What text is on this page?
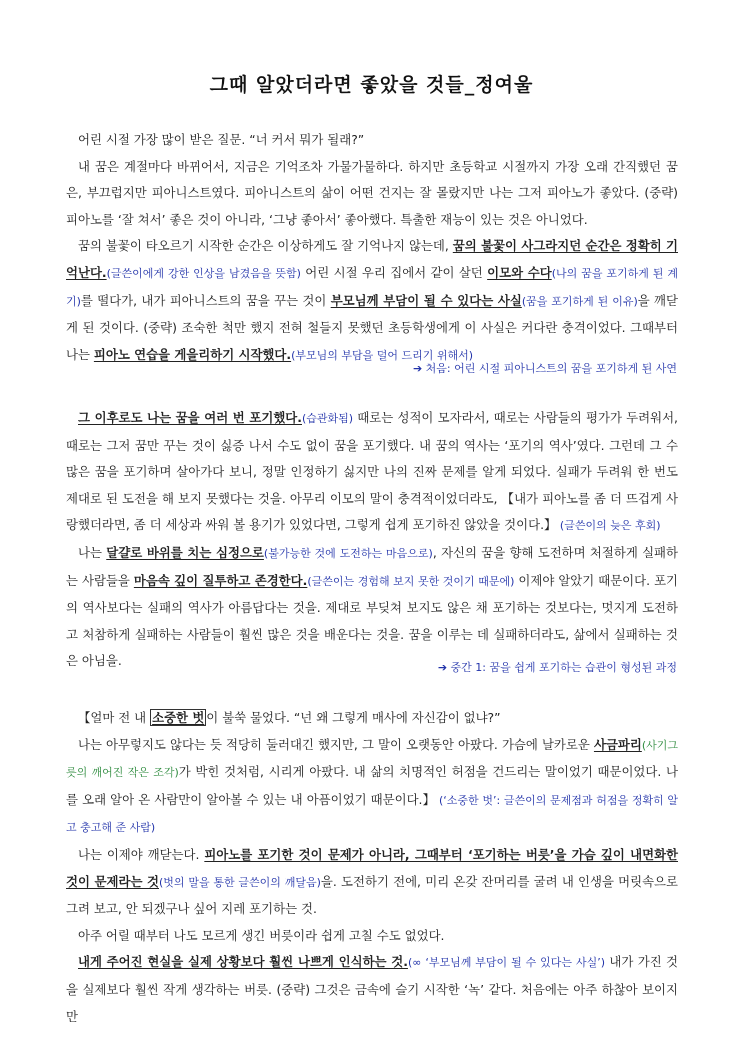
그때 알았더라면 좋았을 것들_정여울

어린 시절 가장 많이 받은 질문. “너 커서 뭐가 될래?”

내 꿈은 계절마다 바뀌어서, 지금은 기억조차 가물가물하다. 하지만 초등학교 시절까지 가장 오래 간직했던 꿈은, 부끄럽지만 피아니스트였다. 피아니스트의 삶이 어떤 건지는 잘 몰랐지만 나는 그저 피아노가 좋았다. (중략) 피아노를 ‘잘 쳐서’ 좋은 것이 아니라, ‘그냥 좋아서’ 좋아했다. 특출한 재능이 있는 것은 아니었다.

꿈의 불꽃이 타오르기 시작한 순간은 이상하게도 잘 기억나지 않는데, 꿈의 불꽃이 사그라지던 순간은 정확히 기억난다.(글쓴이에게 강한 인상을 남겼음을 뜻함) 어린 시절 우리 집에서 같이 살던 이모와 수다(나의 꿈을 포기하게 된 계기)를 떨다가, 내가 피아니스트의 꿈을 꾸는 것이 부모님께 부담이 될 수 있다는 사실(꿈을 포기하게 된 이유)을 깨닫게 된 것이다. (중략) 조숙한 척만 했지 전혀 철들지 못했던 초등학생에게 이 사실은 커다란 충격이었다. 그때부터 나는 피아노 연습을 게을리하기 시작했다.(부모님의 부담을 덜어 드리기 위해서)

➔ 처음: 어린 시절 피아니스트의 꿈을 포기하게 된 사연

그 이후로도 나는 꿈을 여러 번 포기했다.(습관화됨) 때로는 성적이 모자라서, 때로는 사람들의 평가가 두려워서, 때로는 그저 꿈만 꾸는 것이 싫증 나서 수도 없이 꿈을 포기했다. 내 꿈의 역사는 ‘포기의 역사’였다. 그런데 그 수많은 꿈을 포기하며 살아가다 보니, 정말 인정하기 싫지만 나의 진짜 문제를 알게 되었다. 실패가 두려워 한 번도 제대로 된 도전을 해 보지 못했다는 것을. 아무리 이모의 말이 충격적이었더라도, 【내가 피아노를 좀 더 뜨겁게 사랑했더라면, 좀 더 세상과 싸워 볼 용기가 있었다면, 그렇게 쉽게 포기하진 않았을 것이다.】 (글쓴이의 늦은 후회)

나는 달걀로 바위를 치는 심정으로(불가능한 것에 도전하는 마음으로), 자신의 꿈을 향해 도전하며 처절하게 실패하는 사람들을 마음속 깊이 질투하고 존경한다.(글쓴이는 경험해 보지 못한 것이기 때문에) 이제야 알았기 때문이다. 포기의 역사보다는 실패의 역사가 아름답다는 것을. 제대로 부딪쳐 보지도 않은 채 포기하는 것보다는, 멋지게 도전하고 처참하게 실패하는 사람들이 훨씬 많은 것을 배운다는 것을. 꿈을 이루는 데 실패하더라도, 삶에서 실패하는 것은 아님을.	➔ 중간 1: 꿈을 쉽게 포기하는 습관이 형성된 과정

【얼마 전 내 소중한 벗 이 불쑥 물었다. “넌 왜 그렇게 매사에 자신감이 없냐?”

나는 아무렇지도 않다는 듯 적당히 둘러대긴 했지만, 그 말이 오랫동안 아팠다. 가슴에 날카로운 사금파리(사기그릇의 깨어진 작은 조각)가 박힌 것처럼, 시리게 아팠다. 내 삶의 치명적인 허점을 건드리는 말이었기 때문이었다. 나를 오래 알아 온 사람만이 알아볼 수 있는 내 아픔이었기 때문이다.】 (‘소중한 벗’: 글쓴이의 문제점과 허점을 정확히 알고 충고해 준 사람)

나는 이제야 깨닫는다. 피아노를 포기한 것이 문제가 아니라, 그때부터 ‘포기하는 버릇’을 가슴 깊이 내면화한 것이 문제라는 것(벗의 말을 통한 글쓴이의 깨달음)을. 도전하기 전에, 미리 온갖 잔머리를 굴려 내 인생을 머릿속으로 그려 보고, 안 되겠구나 싶어 지레 포기하는 것.

아주 어릴 때부터 나도 모르게 생긴 버릇이라 쉽게 고칠 수도 없었다.

내게 주어진 현실을 실제 상황보다 훨씬 나쁘게 인식하는 것.(∞ ‘부모님께 부담이 될 수 있다는 사실’) 내가 가진 것을 실제보다 훨씬 작게 생각하는 버릇. (중략) 그것은 금속에 슬기 시작한 ‘녹’ 같다. 처음에는 아주 하찮아 보이지만
